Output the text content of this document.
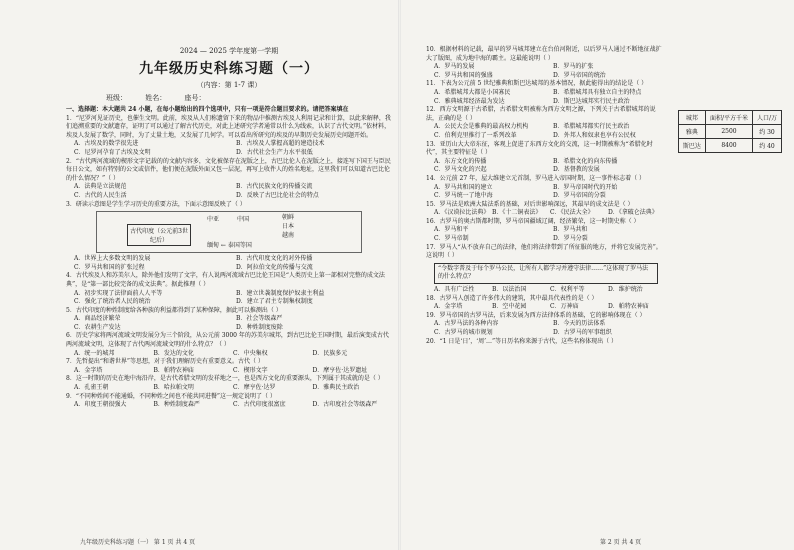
2024 — 2025 学年度第一学期
九年级历史科练习题（一）
（内容：第 1-7 课）
班级： 姓名： 座号：

一、选择题：本大题共 24 小题，在每小题给出的四个选项中，只有一项是符合题目要求的。请把答案填在

1．“尼罗河见证历史，也催生文明。此前，埃及从人们称遗留下来的物品中推测古埃及人利用记录和计算，以此来解释，我们追溯重要的文献遗存，证明了可以通过了解古代历史，对此上述研究学者通常以什么为线索，认识了古代文明。”依材料，埃及人发展了数学，同时，为了丈量土地，又发展了几何学。可以看出所研究的埃及的早期历史发展历史问题开始。

A．古埃及的数学很先进	B．古埃及人掌握高超的建造技术
C．尼罗河孕育了古埃及文明	D．古代社会生产力水平很低

2．“古代两河流域的楔形文字记载的的文献内容多，文化被保存在泥版之上，古巴比伦人在泥版之上，接连写下国王与臣民每日公文，如有特别的公文或信件，他们便在泥版外面又包一层泥，再写上收件人的姓名地址，这里我们可以知道古巴比伦的什么情况？”（ ）

A．法典是立法规范	B．古代民族文化的传播交流
C．古代的人民生活	D．反映了古巴比伦社会的特点

3．研读示意图是学生学习历史的重要方法，下面示意图反映了（ ）

古代印度（公元前3世纪后）
中亚	中国	朝鲜
日本
越南
缅甸 ← 泰国等国
A．世界上大多数文明的发展	B．古代印度文化的对外传播
C．罗马共和国的扩张过程	D．阿拉伯文化的传播与交流

4．古代埃及人和苏美尔人，除外他们发明了文字，有人说两河流域古巴比伦王国是“人类历史上第一部相对完整的成文法典”，是“第一部比较完备的成文法典”。据此推理（ ）

A．初步实现了法律面前人人平等	B．建立世袭制度保护奴隶主利益
C．强化了统治者人民的统治	D．建立了君主专制集权制度

5．古代印度的种姓制度给各种族的利益都得到了某种保障，据此可以推测出（ ）

A．商品经济繁荣	B．社会等级森严
C．农耕生产发达	D．种姓制度废除

6．历史学家将两河流域文明发展分为三个阶段，从公元前 3000 年的苏美尔城邦，到古巴比伦王国时期，最后演变成古代两河流域文明，这体现了古代两河流域文明的什么特点？（ ）

A．统一的城邦	B．发达的文化	C．中央集权	D．民族多元

7．先哲提出“和谐世界”等思想，对于我们理解历史有重要意义。古代（ ）

A．金字塔	B．帕特农神庙	C．楔形文字	D．摩亨佐·达罗遗址

8．这一时期的历史在地中海沿岸，是古代希腊文明的发祥地之一，也是西方文化的重要源头，下列属于其成就的是（ ）

A．孔雀王朝	B．哈拉帕文明	C．摩亨佐·达罗	D．雅典民主政治

9．“不同种姓间不能通婚，不同种姓之间也不能共同进餐”这一规定说明了（ ）

A．印度王朝很强大	B．种姓制度森严	C．古代印度很富庶	D．古印度社会等级森严

10．根据材料的记载，最早的罗马城邦建立在台伯河附近，以后罗马人通过不断地征战扩大了版图，成为地中海的霸主。这最能说明（ ）

A．罗马的发展	B．罗马的扩张
C．罗马共和国的强盛	D．罗马帝国的统治

11．下表为公元前 5 世纪雅典和斯巴达城邦的基本情况，据此能得出的结论是（ ）

A．希腊城邦大都是小国寡民	B．希腊城邦具有独立自主的特点
C．雅典城邦经济最为发达	D．斯巴达城邦实行民主政治

12．西方文明源于古希腊，古希腊文明被称为西方文明之源，下列关于古希腊城邦的说法，正确的是（ ）

A．公民大会是雅典的最高权力机构	B．希腊城邦都实行民主政治
C．伯利克里推行了一系列改革	D．外邦人和奴隶也享有公民权

13．亚历山大大帝东征，客观上促进了东西方文化的交流，这一时期被称为“希腊化时代”，其主要特征是（ ）

A．东方文化的传播	B．希腊文化的向东传播
C．罗马文化的兴起	D．基督教的发展

14．公元前 27 年，屋大维建立元首制，罗马进入帝国时期，这一事件标志着（ ）

A．罗马共和国的建立	B．罗马帝国时代的开始
C．罗马统一了地中海	D．罗马帝国的分裂

15．罗马法是欧洲大陆法系的基础，对后世影响深远，其最早的成文法是（ ）

A．《汉谟拉比法典》 B．《十二铜表法》	C．《民法大全》	D．《拿破仑法典》

16．古罗马的奥古斯都时期，罗马帝国疆域辽阔，经济繁荣，这一时期史称（ ）

A．罗马和平	B．罗马共和
C．罗马帝制	D．罗马分裂

17．罗马人“从不放弃自己的法律，他们将法律带到了所征服的地方，并将它发展完善”。这说明（ ）

“令数字普及于每个罗马公民，让所有人都学习并遵守法律……”这体现了罗马法的什么特点？
A．具有广泛性	B．以法治国	C．权利平等	D．维护统治

18．古罗马人创造了许多伟大的建筑，其中最具代表性的是（ ）

A．金字塔	B．空中花园	C．万神庙	D．帕特农神庙

19．罗马帝国的古罗马法，后来发展为西方法律体系的基础，它的影响体现在（ ）

A．古罗马法的各种内容	B．今天的历法体系
C．古罗马的城市规划	D．古罗马的军事组织

20．“1 日是‘日’，‘周’…”等日历名称来源于古代，这些名称体现出（ ）

城邦	面积/平方千米	人口/万
雅典	2500	约 30
斯巴达	8400	约 40
九年级历史科练习题（一） 第 1 页 共 4 页	第 2 页 共 4 页
